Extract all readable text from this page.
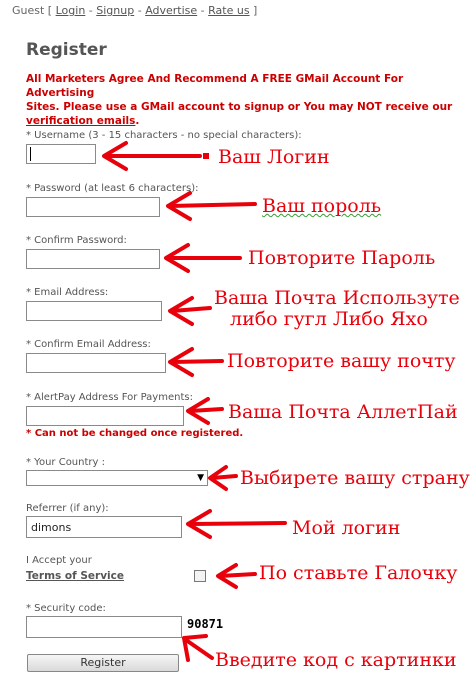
Guest [ Login - Signup - Advertise - Rate us ]
Register
All Marketers Agree And Recommend A FREE GMail Account For Advertising
Sites. Please use a GMail account to signup or You may NOT receive our
verification emails.
* Username (3 - 15 characters - no special characters):
* Password (at least 6 characters):
* Confirm Password:
* Email Address:
* Confirm Email Address:
* AlertPay Address For Payments:
* Can not be changed once registered.
* Your Country :
▼
Referrer (if any):
dimons
I Accept your
Terms of Service
* Security code:
90871
Register
Ваш Логин
Ваш пороль
Повторите Пароль
Ваша Почта Используте
либо гугл Либо Яхо
Повторите вашу почту
Ваша Почта АллетПай
Выбирете вашу страну
Мой логин
По ставьте Галочку
Введите код с картинки
